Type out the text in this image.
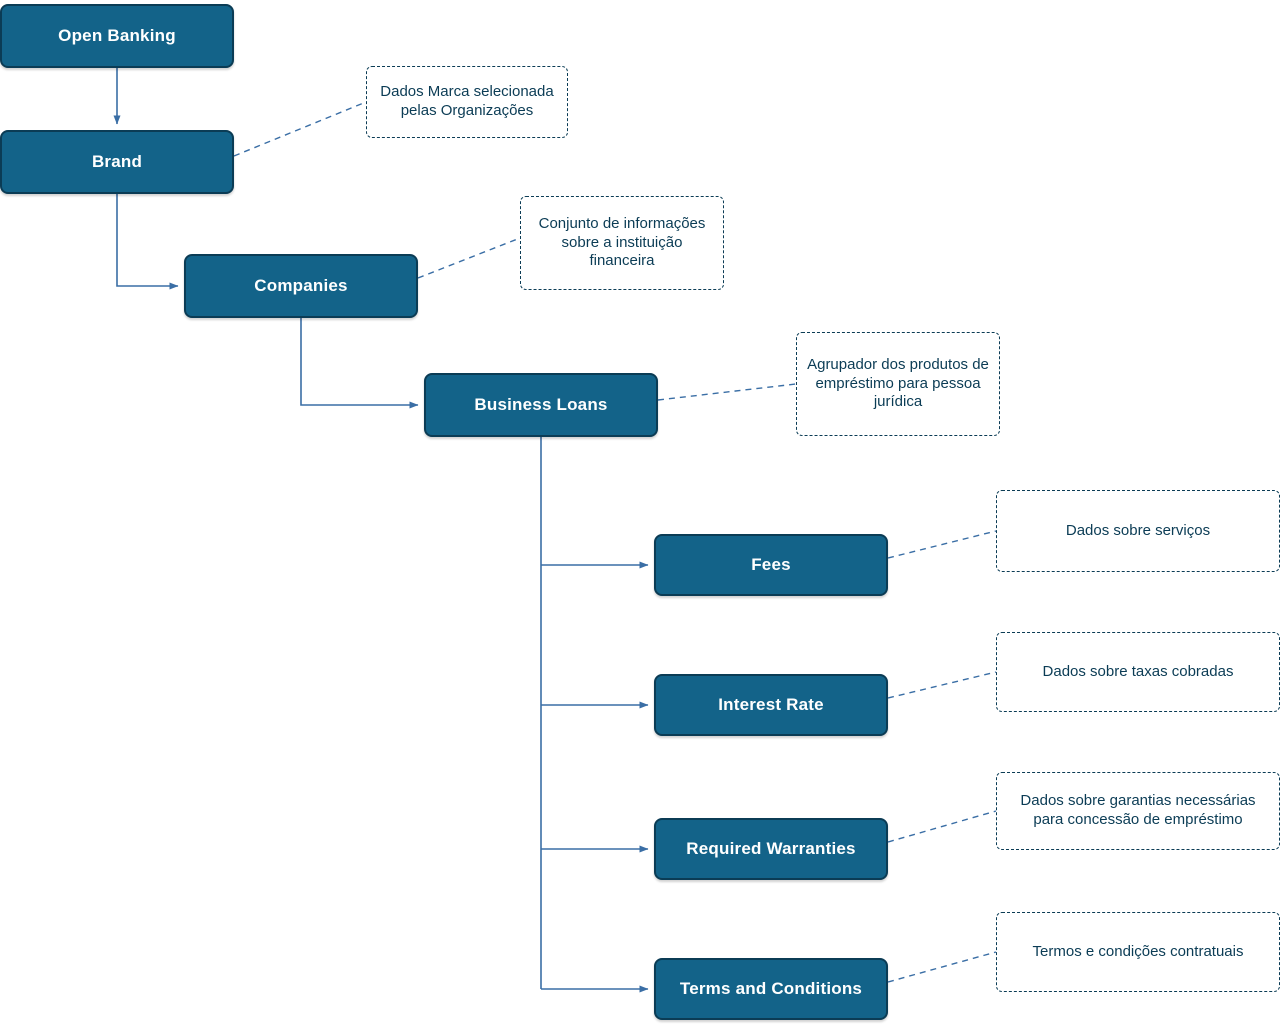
Open Banking
Brand
Companies
Business Loans
Fees
Interest Rate
Required Warranties
Terms and Conditions
Dados Marca selecionada pelas Organizações
Conjunto de informações sobre a instituição financeira
Agrupador dos produtos de empréstimo para pessoa jurídica
Dados sobre serviços
Dados sobre taxas cobradas
Dados sobre garantias necessárias para concessão de empréstimo
Termos e condições contratuais
